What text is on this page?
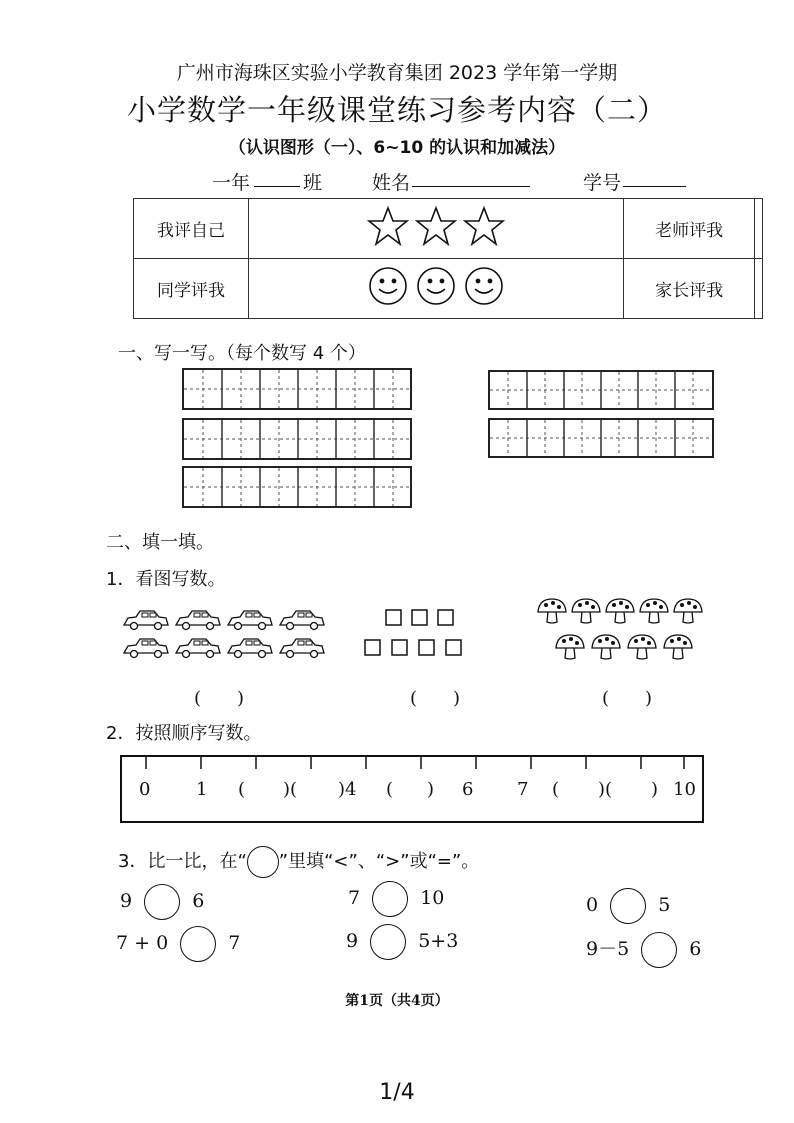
广州市海珠区实验小学教育集团 2023 学年第一学期
小学数学一年级课堂练习参考内容（二）
（认识图形（一）、6~10 的认识和加减法）
一年	班	姓名	学号
我评自己		老师评我	
同学评我		家长评我	
一、写一写。（每个数写 4 个）
二、填一填。
1．看图写数。
(　　)	(　　)	(　　)
2．按照顺序写数。
0	1 ( )( )4 ( ) 6 7 ( )( ) 10
3．比一比，在“ ”里填“<”、“>”或“=”。
9	6	7	10	0	5
7 + 0	7	9	5+3	9－5	6
第1页（共4页）
1/4
